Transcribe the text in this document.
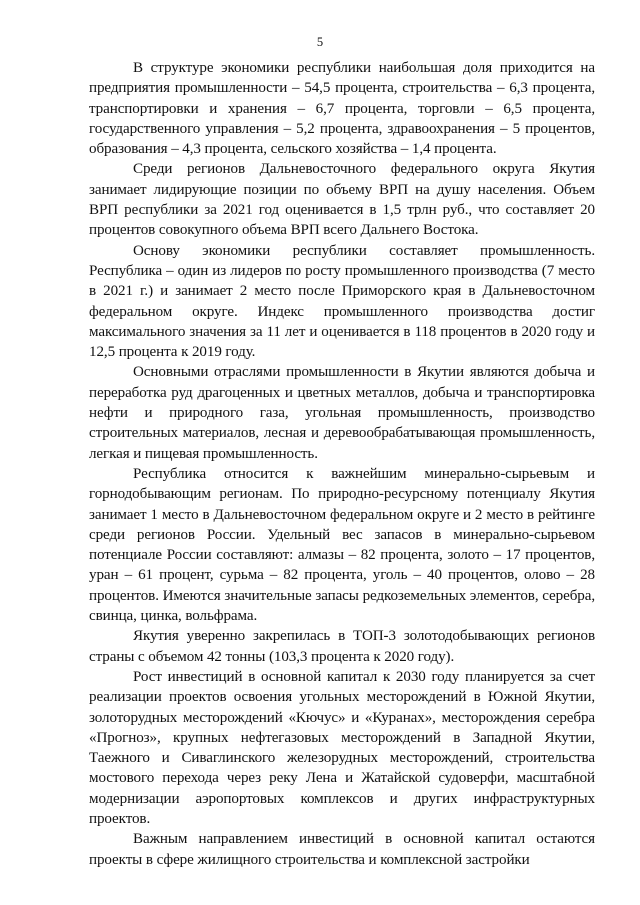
5

В структуре экономики республики наибольшая доля приходится на предприятия промышленности – 54,5 процента, строительства – 6,3 процента, транспортировки и хранения – 6,7 процента, торговли – 6,5 процента, государственного управления – 5,2 процента, здравоохранения – 5 процентов, образования – 4,3 процента, сельского хозяйства – 1,4 процента.

Среди регионов Дальневосточного федерального округа Якутия занимает лидирующие позиции по объему ВРП на душу населения. Объем ВРП республики за 2021 год оценивается в 1,5 трлн руб., что составляет 20 процентов совокупного объема ВРП всего Дальнего Востока.

Основу экономики республики составляет промышленность. Республика – один из лидеров по росту промышленного производства (7 место в 2021 г.) и занимает 2 место после Приморского края в Дальневосточном федеральном округе. Индекс промышленного производства достиг максимального значения за 11 лет и оценивается в 118 процентов в 2020 году и 12,5 процента к 2019 году.

Основными отраслями промышленности в Якутии являются добыча и переработка руд драгоценных и цветных металлов, добыча и транспортировка нефти и природного газа, угольная промышленность, производство строительных материалов, лесная и деревообрабатывающая промышленность, легкая и пищевая промышленность.

Республика относится к важнейшим минерально-сырьевым и горнодобывающим регионам. По природно-ресурсному потенциалу Якутия занимает 1 место в Дальневосточном федеральном округе и 2 место в рейтинге среди регионов России. Удельный вес запасов в минерально-сырьевом потенциале России составляют: алмазы – 82 процента, золото – 17 процентов, уран – 61 процент, сурьма – 82 процента, уголь – 40 процентов, олово – 28 процентов. Имеются значительные запасы редкоземельных элементов, серебра, свинца, цинка, вольфрама.

Якутия уверенно закрепилась в ТОП-3 золотодобывающих регионов страны с объемом 42 тонны (103,3 процента к 2020 году).

Рост инвестиций в основной капитал к 2030 году планируется за счет реализации проектов освоения угольных месторождений в Южной Якутии, золоторудных месторождений «Кючус» и «Куранах», месторождения серебра «Прогноз», крупных нефтегазовых месторождений в Западной Якутии, Таежного и Сиваглинского железорудных месторождений, строительства мостового перехода через реку Лена и Жатайской судоверфи, масштабной модернизации аэропортовых комплексов и других инфраструктурных проектов.

Важным направлением инвестиций в основной капитал остаются проекты в сфере жилищного строительства и комплексной застройки
